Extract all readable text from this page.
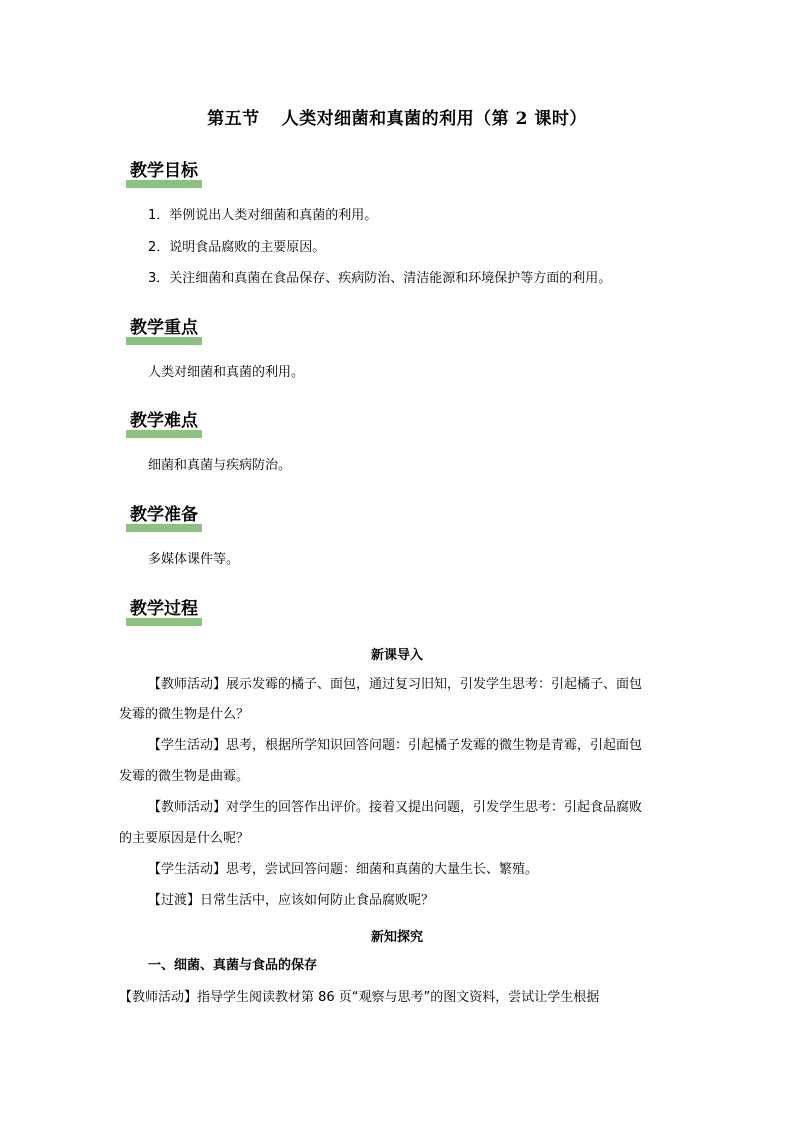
第五节 人类对细菌和真菌的利用（第 2 课时）
教学目标
1．举例说出人类对细菌和真菌的利用。
2．说明食品腐败的主要原因。
3．关注细菌和真菌在食品保存、疾病防治、清洁能源和环境保护等方面的利用。
教学重点
人类对细菌和真菌的利用。
教学难点
细菌和真菌与疾病防治。
教学准备
多媒体课件等。
教学过程
新课导入
【教师活动】展示发霉的橘子、面包，通过复习旧知，引发学生思考：引起橘子、面包
发霉的微生物是什么？
【学生活动】思考，根据所学知识回答问题：引起橘子发霉的微生物是青霉，引起面包
发霉的微生物是曲霉。
【教师活动】对学生的回答作出评价。接着又提出问题，引发学生思考：引起食品腐败
的主要原因是什么呢？
【学生活动】思考，尝试回答问题：细菌和真菌的大量生长、繁殖。
【过渡】日常生活中，应该如何防止食品腐败呢？
新知探究
一、细菌、真菌与食品的保存
【教师活动】指导学生阅读教材第 86 页“观察与思考”的图文资料，尝试让学生根据
